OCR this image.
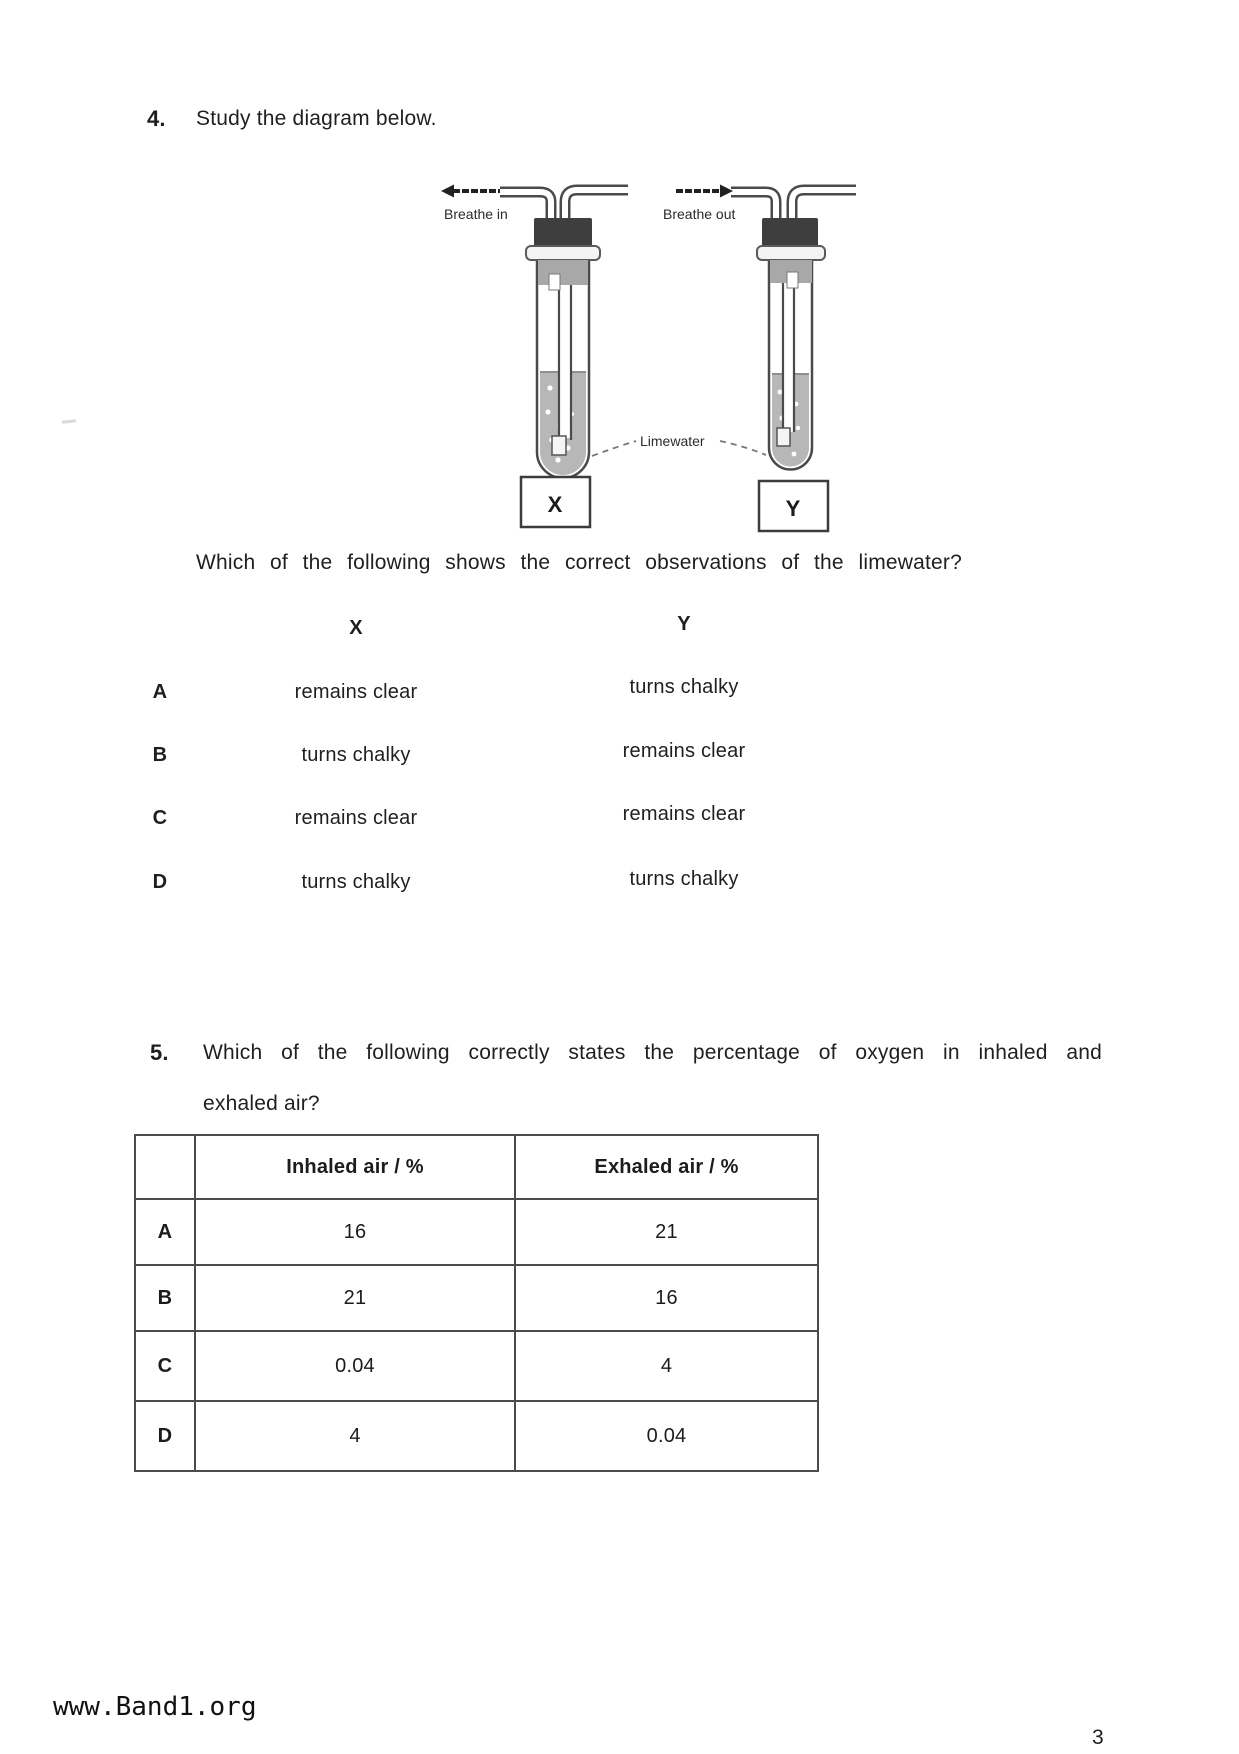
4. Study the diagram below.
Breathe in	Breathe out
Limewater
X	Y
Which of the following shows the correct observations of the limewater?
X	Y
A	remains clear	turns chalky
B	turns chalky	remains clear
C	remains clear	remains clear
D	turns chalky	turns chalky
5. Which of the following correctly states the percentage of oxygen in inhaled and
exhaled air?
	Inhaled air / %	Exhaled air / %
A	16	21
B	21	16
C	0.04	4
D	4	0.04
www.Band1.org
3
